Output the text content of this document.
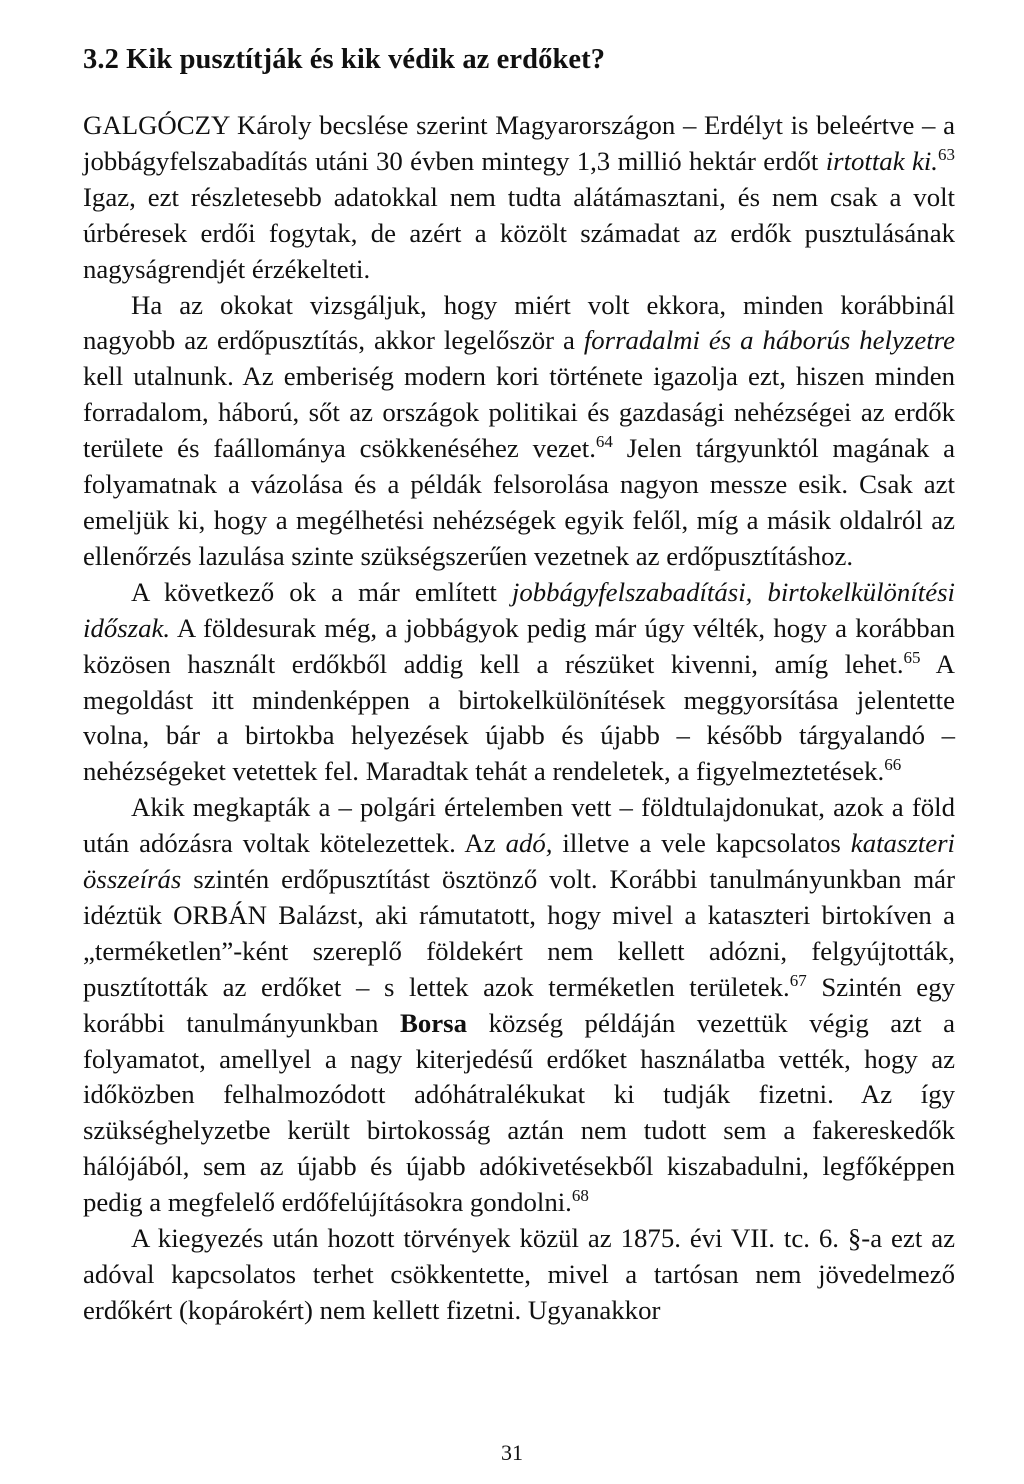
3.2 Kik pusztítják és kik védik az erdőket?

GALGÓCZY Károly becslése szerint Magyarországon – Erdélyt is beleértve – a jobbágyfelszabadítás utáni 30 évben mintegy 1,3 millió hektár erdőt irtottak ki.$^{63}$ Igaz, ezt részletesebb adatokkal nem tudta alátámasztani, és nem csak a volt úrbéresek erdői fogytak, de azért a közölt számadat az erdők pusztulásának nagyságrendjét érzékelteti.

Ha az okokat vizsgáljuk, hogy miért volt ekkora, minden korábbinál nagyobb az erdőpusztítás, akkor legelőször a forradalmi és a háborús helyzetre kell utalnunk. Az emberiség modern kori története igazolja ezt, hiszen minden forradalom, háború, sőt az országok politikai és gazdasági nehézségei az erdők területe és faállománya csökkenéséhez vezet.$^{64}$ Jelen tárgyunktól magának a folyamatnak a vázolása és a példák felsorolása nagyon messze esik. Csak azt emeljük ki, hogy a megélhetési nehézségek egyik felől, míg a másik oldalról az ellenőrzés lazulása szinte szükségszerűen vezetnek az erdőpusztításhoz.

A következő ok a már említett jobbágyfelszabadítási, birtokelkülönítési időszak. A földesurak még, a jobbágyok pedig már úgy vélték, hogy a korábban közösen használt erdőkből addig kell a részüket kivenni, amíg lehet.$^{65}$ A megoldást itt mindenképpen a birtokelkülönítések meggyorsítása jelentette volna, bár a birtokba helyezések újabb és újabb – később tárgyalandó – nehézségeket vetettek fel. Maradtak tehát a rendeletek, a figyelmeztetések.$^{66}$

Akik megkapták a – polgári értelemben vett – földtulajdonukat, azok a föld után adózásra voltak kötelezettek. Az adó, illetve a vele kapcsolatos kataszteri összeírás szintén erdőpusztítást ösztönző volt. Korábbi tanulmányunkban már idéztük ORBÁN Balázst, aki rámutatott, hogy mivel a kataszteri birtokíven a „terméketlen”-ként szereplő földekért nem kellett adózni, felgyújtották, pusztították az erdőket – s lettek azok terméketlen területek.$^{67}$ Szintén egy korábbi tanulmányunkban Borsa község példáján vezettük végig azt a folyamatot, amellyel a nagy kiterjedésű erdőket használatba vették, hogy az időközben felhalmozódott adóhátralékukat ki tudják fizetni. Az így szükséghelyzetbe került birtokosság aztán nem tudott sem a fakereskedők hálójából, sem az újabb és újabb adókivetésekből kiszabadulni, legfőképpen pedig a megfelelő erdőfelújításokra gondolni.$^{68}$

A kiegyezés után hozott törvények közül az 1875. évi VII. tc. 6. §-a ezt az adóval kapcsolatos terhet csökkentette, mivel a tartósan nem jövedelmező erdőkért (kopárokért) nem kellett fizetni. Ugyanakkor

31
